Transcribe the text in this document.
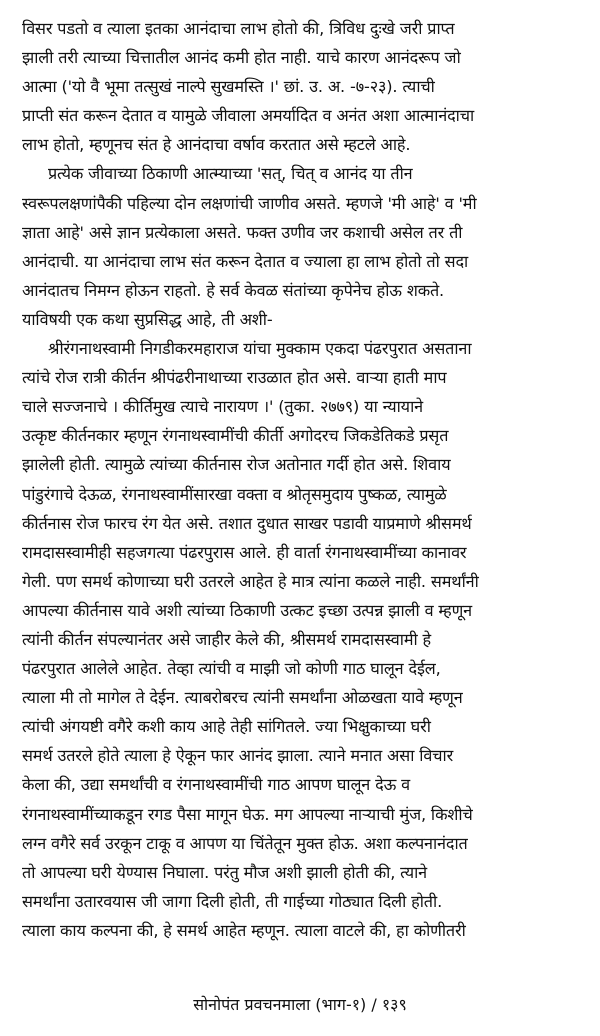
विसर पडतो व त्याला इतका आनंदाचा लाभ होतो की, त्रिविध दुःखे जरी प्राप्त
झाली तरी त्याच्या चित्तातील आनंद कमी होत नाही. याचे कारण आनंदरूप जो
आत्मा ('यो वै भूमा तत्सुखं नाल्पे सुखमस्ति ।' छां. उ. अ. -७-२३). त्याची
प्राप्ती संत करून देतात व यामुळे जीवाला अमर्यादित व अनंत अशा आत्मानंदाचा
लाभ होतो, म्हणूनच संत हे आनंदाचा वर्षाव करतात असे म्हटले आहे.
प्रत्येक जीवाच्या ठिकाणी आत्म्याच्या 'सत्, चित् व आनंद या तीन
स्वरूपलक्षणांपैकी पहिल्या दोन लक्षणांची जाणीव असते. म्हणजे 'मी आहे' व 'मी
ज्ञाता आहे' असे ज्ञान प्रत्येकाला असते. फक्त उणीव जर कशाची असेल तर ती
आनंदाची. या आनंदाचा लाभ संत करून देतात व ज्याला हा लाभ होतो तो सदा
आनंदातच निमग्न होऊन राहतो. हे सर्व केवळ संतांच्या कृपेनेच होऊ शकते.
याविषयी एक कथा सुप्रसिद्ध आहे, ती अशी-
श्रीरंगनाथस्वामी निगडीकरमहाराज यांचा मुक्काम एकदा पंढरपुरात असताना
त्यांचे रोज रात्री कीर्तन श्रीपंढरीनाथाच्या राउळात होत असे. वाऱ्या हाती माप
चाले सज्जनाचे । कीर्तिमुख त्याचे नारायण ।' (तुका. २७७९) या न्यायाने
उत्कृष्ट कीर्तनकार म्हणून रंगनाथस्वामींची कीर्ती अगोदरच जिकडेतिकडे प्रसृत
झालेली होती. त्यामुळे त्यांच्या कीर्तनास रोज अतोनात गर्दी होत असे. शिवाय
पांडुरंगाचे देऊळ, रंगनाथस्वामींसारखा वक्ता व श्रोतृसमुदाय पुष्कळ, त्यामुळे
कीर्तनास रोज फारच रंग येत असे. तशात दुधात साखर पडावी याप्रमाणे श्रीसमर्थ
रामदासस्वामीही सहजगत्या पंढरपुरास आले. ही वार्ता रंगनाथस्वामींच्या कानावर
गेली. पण समर्थ कोणाच्या घरी उतरले आहेत हे मात्र त्यांना कळले नाही. समर्थांनी
आपल्या कीर्तनास यावे अशी त्यांच्या ठिकाणी उत्कट इच्छा उत्पन्न झाली व म्हणून
त्यांनी कीर्तन संपल्यानंतर असे जाहीर केले की, श्रीसमर्थ रामदासस्वामी हे
पंढरपुरात आलेले आहेत. तेव्हा त्यांची व माझी जो कोणी गाठ घालून देईल,
त्याला मी तो मागेल ते देईन. त्याबरोबरच त्यांनी समर्थांना ओळखता यावे म्हणून
त्यांची अंगयष्टी वगैरे कशी काय आहे तेही सांगितले. ज्या भिक्षुकाच्या घरी
समर्थ उतरले होते त्याला हे ऐकून फार आनंद झाला. त्याने मनात असा विचार
केला की, उद्या समर्थांची व रंगनाथस्वामींची गाठ आपण घालून देऊ व
रंगनाथस्वामींच्याकडून रगड पैसा मागून घेऊ. मग आपल्या नाऱ्याची मुंज, किशीचे
लग्न वगैरे सर्व उरकून टाकू व आपण या चिंतेतून मुक्त होऊ. अशा कल्पनानंदात
तो आपल्या घरी येण्यास निघाला. परंतु मौज अशी झाली होती की, त्याने
समर्थांना उतारवयास जी जागा दिली होती, ती गाईच्या गोठ्यात दिली होती.
त्याला काय कल्पना की, हे समर्थ आहेत म्हणून. त्याला वाटले की, हा कोणीतरी
सोनोपंत प्रवचनमाला (भाग-१) / १३९
